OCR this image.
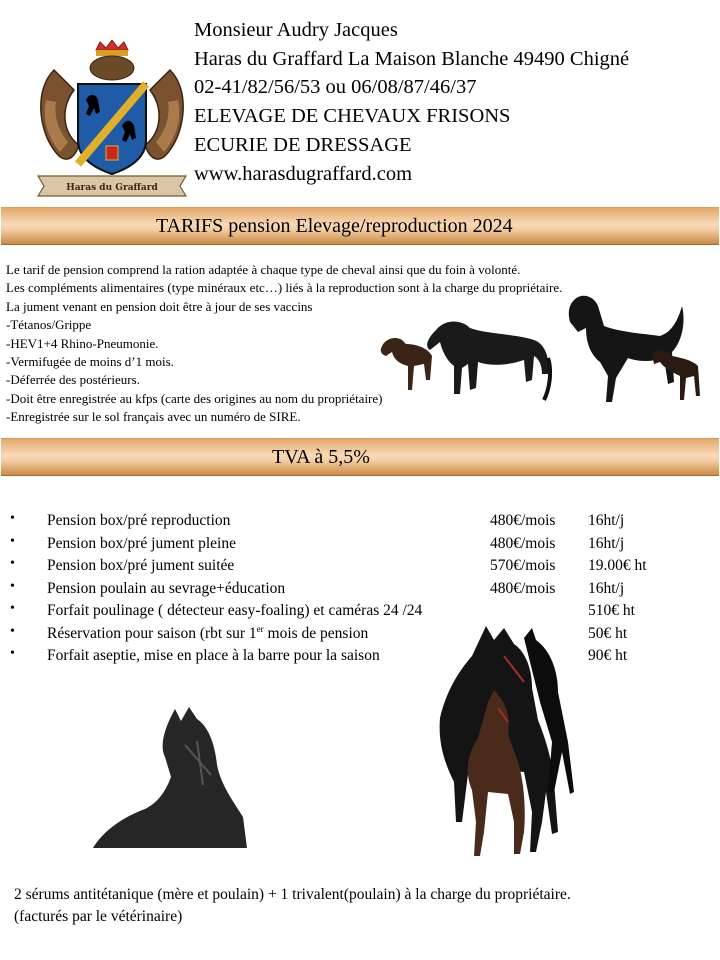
Haras du Graffard
Monsieur Audry Jacques
Haras du Graffard La Maison Blanche 49490 Chigné
02-41/82/56/53 ou 06/08/87/46/37
ELEVAGE DE CHEVAUX FRISONS
ECURIE DE DRESSAGE
www.harasdugraffard.com
TARIFS pension Elevage/reproduction 2024
Le tarif de pension comprend la ration adaptée à chaque type de cheval ainsi que du foin à volonté.
Les compléments alimentaires (type minéraux etc…) liés à la reproduction sont à la charge du propriétaire.
La jument venant en pension doit être à jour de ses vaccins
-Tétanos/Grippe
-HEV1+4 Rhino-Pneumonie.
-Vermifugée de moins d’1 mois.
-Déferrée des postérieurs.
-Doit être enregistrée au kfps (carte des origines au nom du propriétaire)
-Enregistrée sur le sol français avec un numéro de SIRE.
TVA à 5,5%
• Pension box/pré reproduction	480€/mois 16ht/j
• Pension box/pré jument pleine	480€/mois 16ht/j
• Pension box/pré jument suitée	570€/mois 19.00€ ht
• Pension poulain au sevrage+éducation	480€/mois 16ht/j
• Forfait poulinage ( détecteur easy-foaling) et caméras 24 /24	510€ ht
• Réservation pour saison (rbt sur 1er mois de pension	50€ ht
• Forfait aseptie, mise en place à la barre pour la saison	90€ ht
2 sérums antitétanique (mère et poulain) + 1 trivalent(poulain) à la charge du propriétaire.
(facturés par le vétérinaire)
